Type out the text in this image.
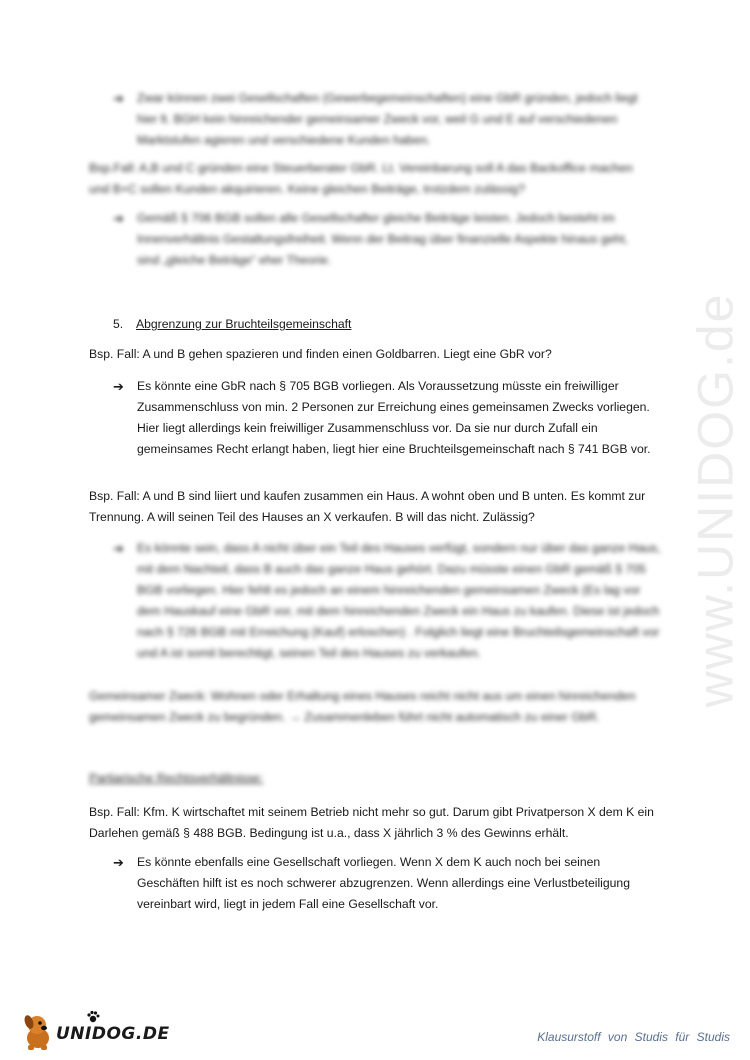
www.UNIDOG.de
➔ Zwar können zwei Gesellschaften (Gewerbegemeinschaften) eine GbR gründen, jedoch liegt hier lt. BGH kein hinreichender gemeinsamer Zweck vor, weil G und E auf verschiedenen Marktstufen agieren und verschiedene Kunden haben.
Bsp.Fall: A,B und C gründen eine Steuerberater GbR. Lt. Vereinbarung soll A das Backoffice machen und B+C sollen Kunden akquirieren. Keine gleichen Beiträge, trotzdem zulässig?
➔ Gemäß § 706 BGB sollen alle Gesellschafter gleiche Beiträge leisten. Jedoch besteht im Innenverhältnis Gestaltungsfreiheit. Wenn der Beitrag über finanzielle Aspekte hinaus geht, sind „gleiche Beträge“ eher Theorie.
5. Abgrenzung zur Bruchteilsgemeinschaft
Bsp. Fall: A und B gehen spazieren und finden einen Goldbarren. Liegt eine GbR vor?
➔ Es könnte eine GbR nach § 705 BGB vorliegen. Als Voraussetzung müsste ein freiwilliger Zusammenschluss von min. 2 Personen zur Erreichung eines gemeinsamen Zwecks vorliegen. Hier liegt allerdings kein freiwilliger Zusammenschluss vor. Da sie nur durch Zufall ein gemeinsames Recht erlangt haben, liegt hier eine Bruchteilsgemeinschaft nach § 741 BGB vor.
Bsp. Fall: A und B sind liiert und kaufen zusammen ein Haus. A wohnt oben und B unten. Es kommt zur Trennung. A will seinen Teil des Hauses an X verkaufen. B will das nicht. Zulässig?
➔ Es könnte sein, dass A nicht über ein Teil des Hauses verfügt, sondern nur über das ganze Haus, mit dem Nachteil, dass B auch das ganze Haus gehört. Dazu müsste einen GbR gemäß § 705 BGB vorliegen. Hier fehlt es jedoch an einem hinreichenden gemeinsamen Zweck (Es lag vor dem Hauskauf eine GbR vor, mit dem hinreichenden Zweck ein Haus zu kaufen. Diese ist jedoch nach § 726 BGB mit Erreichung (Kauf) erloschen) . Folglich liegt eine Bruchteilsgemeinschaft vor und A ist somit berechtigt, seinen Teil des Hauses zu verkaufen.
Gemeinsamer Zweck: Wohnen oder Erhaltung eines Hauses reicht nicht aus um einen hinreichenden gemeinsamen Zweck zu begründen. → Zusammenleben führt nicht automatisch zu einer GbR.
Partiarische Rechtsverhältnisse:
Bsp. Fall: Kfm. K wirtschaftet mit seinem Betrieb nicht mehr so gut. Darum gibt Privatperson X dem K ein Darlehen gemäß § 488 BGB. Bedingung ist u.a., dass X jährlich 3 % des Gewinns erhält.
➔ Es könnte ebenfalls eine Gesellschaft vorliegen. Wenn X dem K auch noch bei seinen Geschäften hilft ist es noch schwerer abzugrenzen. Wenn allerdings eine Verlustbeteiligung vereinbart wird, liegt in jedem Fall eine Gesellschaft vor.
UNIDOG.DE	Klausurstoff von Studis für Studis
